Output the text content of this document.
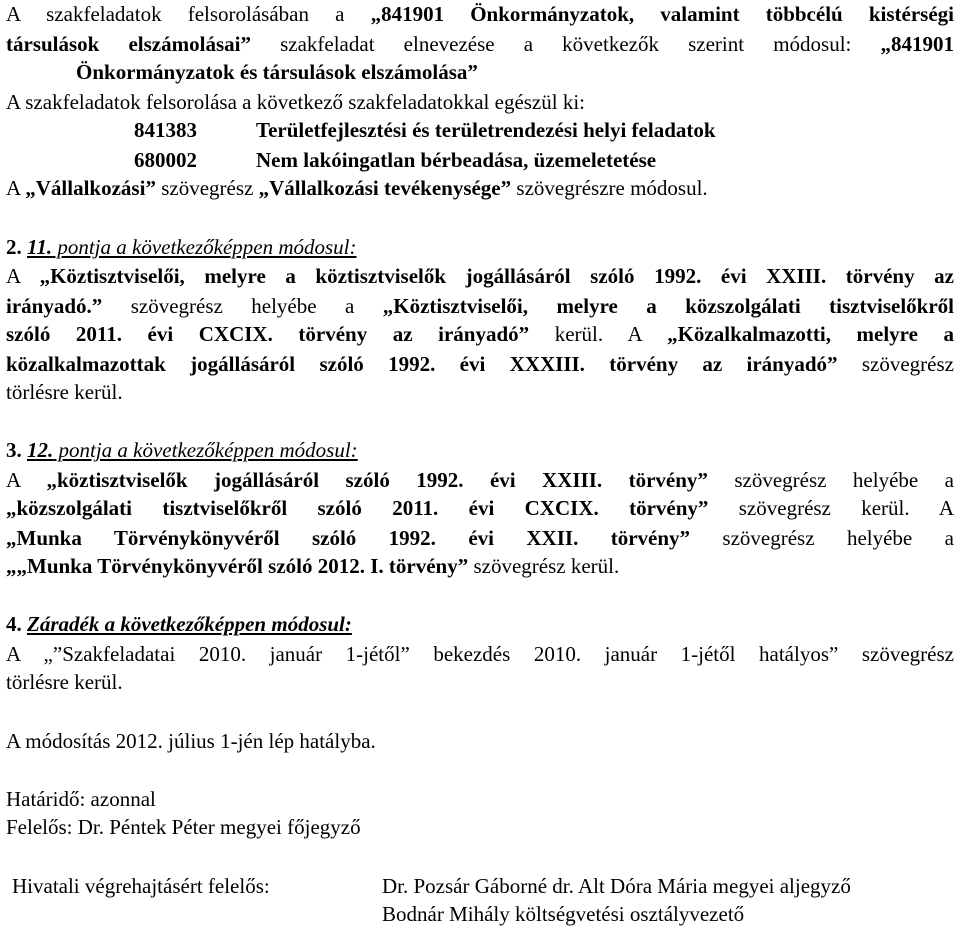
A szakfeladatok felsorolásában a „841901 Önkormányzatok, valamint többcélú kistérségi
társulások elszámolásai” szakfeladat elnevezése a következők szerint módosul: „841901
Önkormányzatok és társulások elszámolása”
A szakfeladatok felsorolása a következő szakfeladatokkal egészül ki:
841383	Területfejlesztési és területrendezési helyi feladatok
680002	Nem lakóingatlan bérbeadása, üzemeletetése
A „Vállalkozási” szövegrész „Vállalkozási tevékenysége” szövegrészre módosul.
2. 11. pontja a következőképpen módosul:
A „Köztisztviselői, melyre a köztisztviselők jogállásáról szóló 1992. évi XXIII. törvény az
irányadó.” szövegrész helyébe a „Köztisztviselői, melyre a közszolgálati tisztviselőkről
szóló 2011. évi CXCIX. törvény az irányadó” kerül. A „Közalkalmazotti, melyre a
közalkalmazottak jogállásáról szóló 1992. évi XXXIII. törvény az irányadó” szövegrész
törlésre kerül.
3. 12. pontja a következőképpen módosul:
A „köztisztviselők jogállásáról szóló 1992. évi XXIII. törvény” szövegrész helyébe a
„közszolgálati tisztviselőkről szóló 2011. évi CXCIX. törvény” szövegrész kerül. A
„Munka Törvénykönyvéről szóló 1992. évi XXII. törvény” szövegrész helyébe a
„„Munka Törvénykönyvéről szóló 2012. I. törvény” szövegrész kerül.
4. Záradék a következőképpen módosul:
A „”Szakfeladatai 2010. január 1-jétől” bekezdés 2010. január 1-jétől hatályos” szövegrész
törlésre kerül.
A módosítás 2012. július 1-jén lép hatályba.
Határidő: azonnal
Felelős: Dr. Péntek Péter megyei főjegyző
Hivatali végrehajtásért felelős:	Dr. Pozsár Gáborné dr. Alt Dóra Mária megyei aljegyző
Bodnár Mihály költségvetési osztályvezető
